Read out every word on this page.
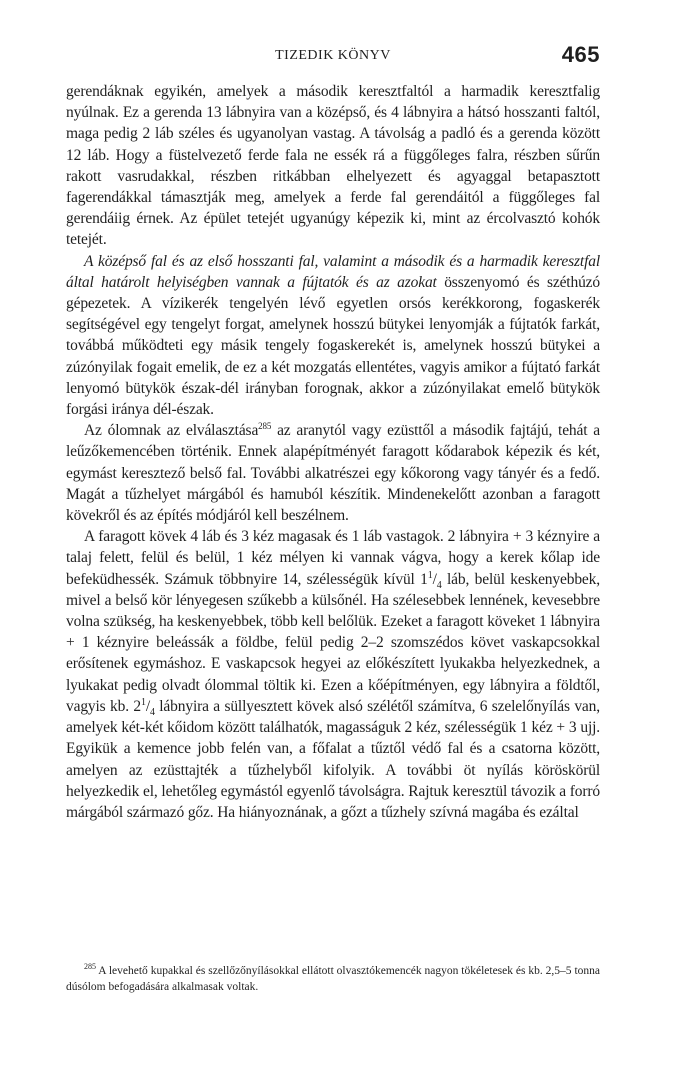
TIZEDIK KÖNYV	465

gerendáknak egyikén, amelyek a második keresztfaltól a harmadik keresztfalig nyúlnak. Ez a gerenda 13 lábnyira van a középső, és 4 lábnyira a hátsó hosszanti faltól, maga pedig 2 láb széles és ugyanolyan vastag. A távolság a padló és a gerenda között 12 láb. Hogy a füstelvezető ferde fala ne essék rá a függőleges falra, részben sűrűn rakott vasrudakkal, részben ritkábban elhelyezett és agyaggal betapasztott fagerendákkal támasztják meg, amelyek a ferde fal gerendáitól a függőleges fal gerendáiig érnek. Az épület tetejét ugyanúgy képezik ki, mint az ércolvasztó kohók tetejét.

A középső fal és az első hosszanti fal, valamint a második és a harmadik keresztfal által határolt helyiségben vannak a fújtatók és az azokat összenyomó és széthúzó gépezetek. A vízikerék tengelyén lévő egyetlen orsós kerékkorong, fogaskerék segítségével egy tengelyt forgat, amelynek hosszú bütykei lenyomják a fújtatók farkát, továbbá működteti egy másik tengely fogaskerekét is, amelynek hosszú bütykei a zúzónyilak fogait emelik, de ez a két mozgatás ellentétes, vagyis amikor a fújtató farkát lenyomó bütykök észak-dél irányban forognak, akkor a zúzónyilakat emelő bütykök forgási iránya dél-észak.

Az ólomnak az elválasztása$^{285}$ az aranytól vagy ezüsttől a második fajtájú, tehát a leűzőkemencében történik. Ennek alapépítményét faragott kődarabok képezik és két, egymást keresztező belső fal. További alkatrészei egy kőkorong vagy tányér és a fedő. Magát a tűzhelyet márgából és hamuból készítik. Mindenekelőtt azonban a faragott kövekről és az építés módjáról kell beszélnem.

A faragott kövek 4 láb és 3 kéz magasak és 1 láb vastagok. 2 lábnyira + 3 kéznyire a talaj felett, felül és belül, 1 kéz mélyen ki vannak vágva, hogy a kerek kőlap ide befeküdhessék. Számuk többnyire 14, szélességük kívül $1^1/_4$ láb, belül keskenyebbek, mivel a belső kör lényegesen szűkebb a külsőnél. Ha szélesebbek lennének, kevesebbre volna szükség, ha keskenyebbek, több kell belőlük. Ezeket a faragott köveket 1 lábnyira + 1 kéznyire beleássák a földbe, felül pedig 2–2 szomszédos követ vaskapcsokkal erősítenek egymáshoz. E vaskapcsok hegyei az előkészített lyukakba helyezkednek, a lyukakat pedig olvadt ólommal töltik ki. Ezen a kőépítményen, egy lábnyira a földtől, vagyis kb. $2^1/_4$ lábnyira a süllyesztett kövek alsó szélétől számítva, 6 szelelőnyílás van, amelyek két-két kőidom között találhatók, magasságuk 2 kéz, szélességük 1 kéz + 3 ujj. Egyikük a kemence jobb felén van, a főfalat a tűztől védő fal és a csatorna között, amelyen az ezüsttajték a tűzhelyből kifolyik. A további öt nyílás köröskörül helyezkedik el, lehetőleg egymástól egyenlő távolságra. Rajtuk keresztül távozik a forró márgából származó gőz. Ha hiányoznának, a gőzt a tűzhely szívná magába és ezáltal

$^{285}$ A levehető kupakkal és szellőzőnyílásokkal ellátott olvasztókemencék nagyon tökéletesek és kb. 2,5–5 tonna dúsólom befogadására alkalmasak voltak.
